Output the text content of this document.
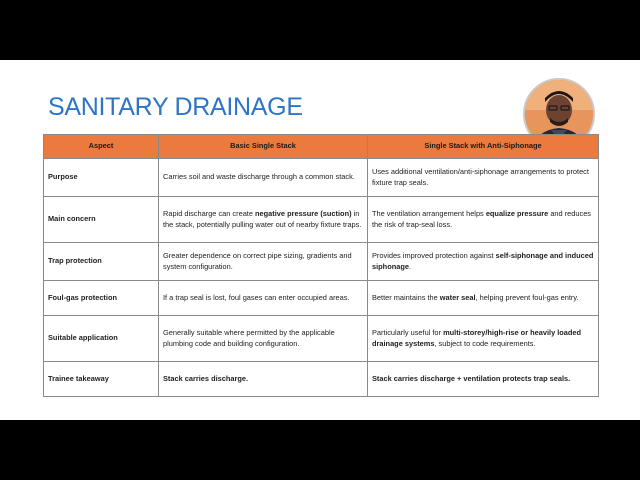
SANITARY DRAINAGE
Aspect	Basic Single Stack	Single Stack with Anti-Siphonage
Purpose	Carries soil and waste discharge through a common stack.	Uses additional ventilation/anti-siphonage arrangements to protect fixture trap seals.
Main concern	Rapid discharge can create negative pressure (suction) in the stack, potentially pulling water out of nearby fixture traps.	The ventilation arrangement helps equalize pressure and reduces the risk of trap-seal loss.
Trap protection	Greater dependence on correct pipe sizing, gradients and system configuration.	Provides improved protection against self-siphonage and induced siphonage.
Foul-gas protection	If a trap seal is lost, foul gases can enter occupied areas.	Better maintains the water seal, helping prevent foul-gas entry.
Suitable application	Generally suitable where permitted by the applicable plumbing code and building configuration.	Particularly useful for multi-storey/high-rise or heavily loaded drainage systems, subject to code requirements.
Trainee takeaway	Stack carries discharge.	Stack carries discharge + ventilation protects trap seals.
